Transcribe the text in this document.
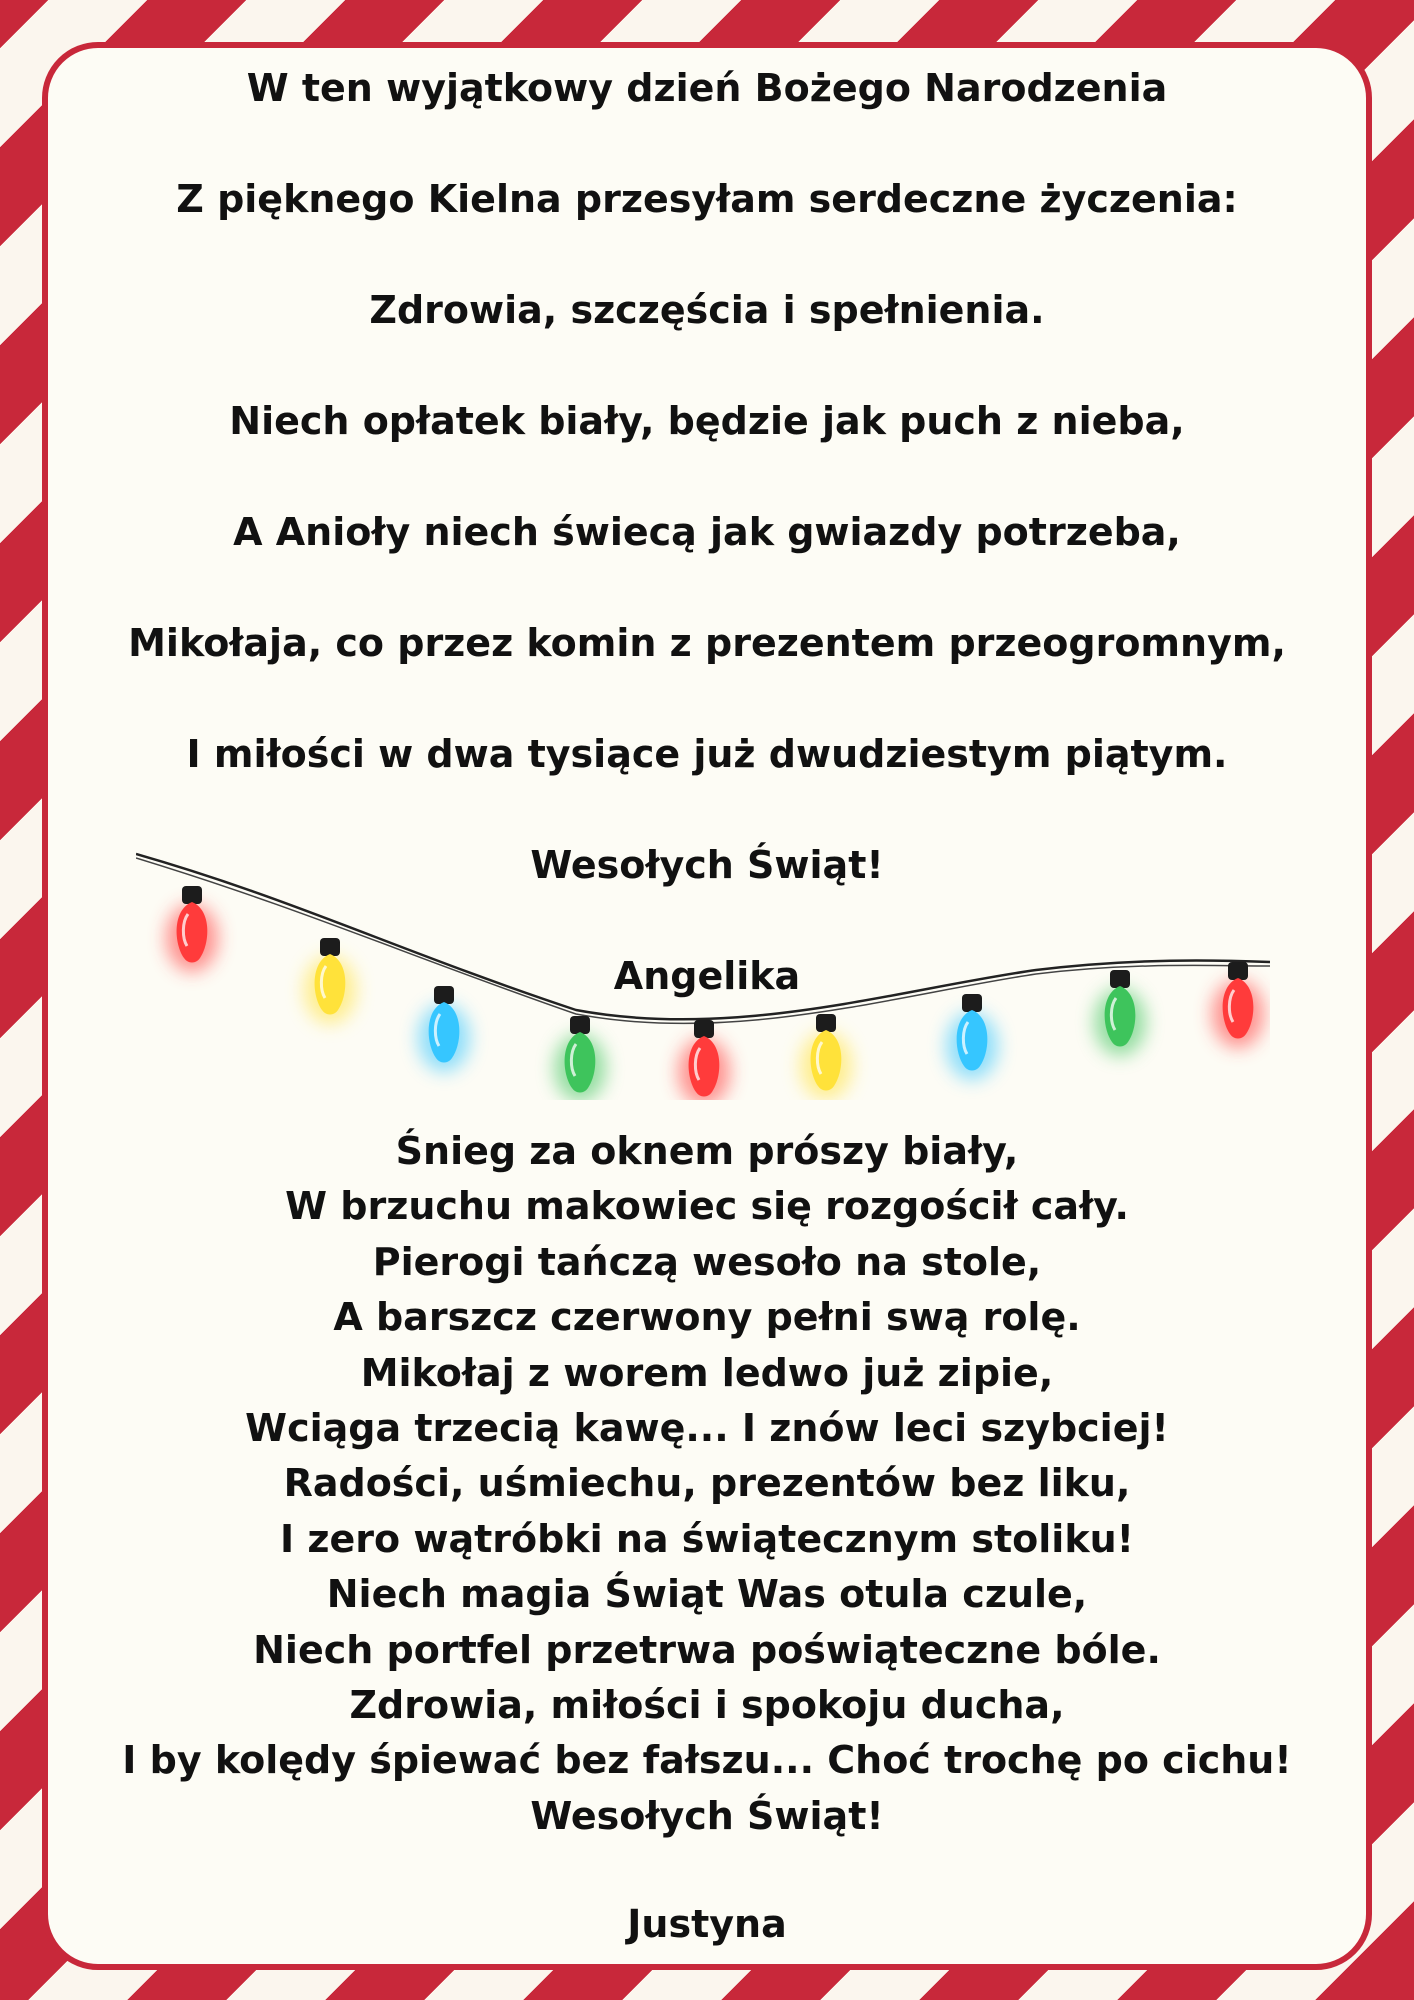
W ten wyjątkowy dzień Bożego Narodzenia
Z pięknego Kielna przesyłam serdeczne życzenia:
Zdrowia, szczęścia i spełnienia.
Niech opłatek biały, będzie jak puch z nieba,
A Anioły niech świecą jak gwiazdy potrzeba,
Mikołaja, co przez komin z prezentem przeogromnym,
I miłości w dwa tysiące już dwudziestym piątym.
Wesołych Świąt!
Angelika
Śnieg za oknem prószy biały,
W brzuchu makowiec się rozgościł cały.
Pierogi tańczą wesoło na stole,
A barszcz czerwony pełni swą rolę.
Mikołaj z worem ledwo już zipie,
Wciąga trzecią kawę... I znów leci szybciej!
Radości, uśmiechu, prezentów bez liku,
I zero wątróbki na świątecznym stoliku!
Niech magia Świąt Was otula czule,
Niech portfel przetrwa poświąteczne bóle.
Zdrowia, miłości i spokoju ducha,
I by kolędy śpiewać bez fałszu... Choć trochę po cichu!
Wesołych Świąt!
Justyna
